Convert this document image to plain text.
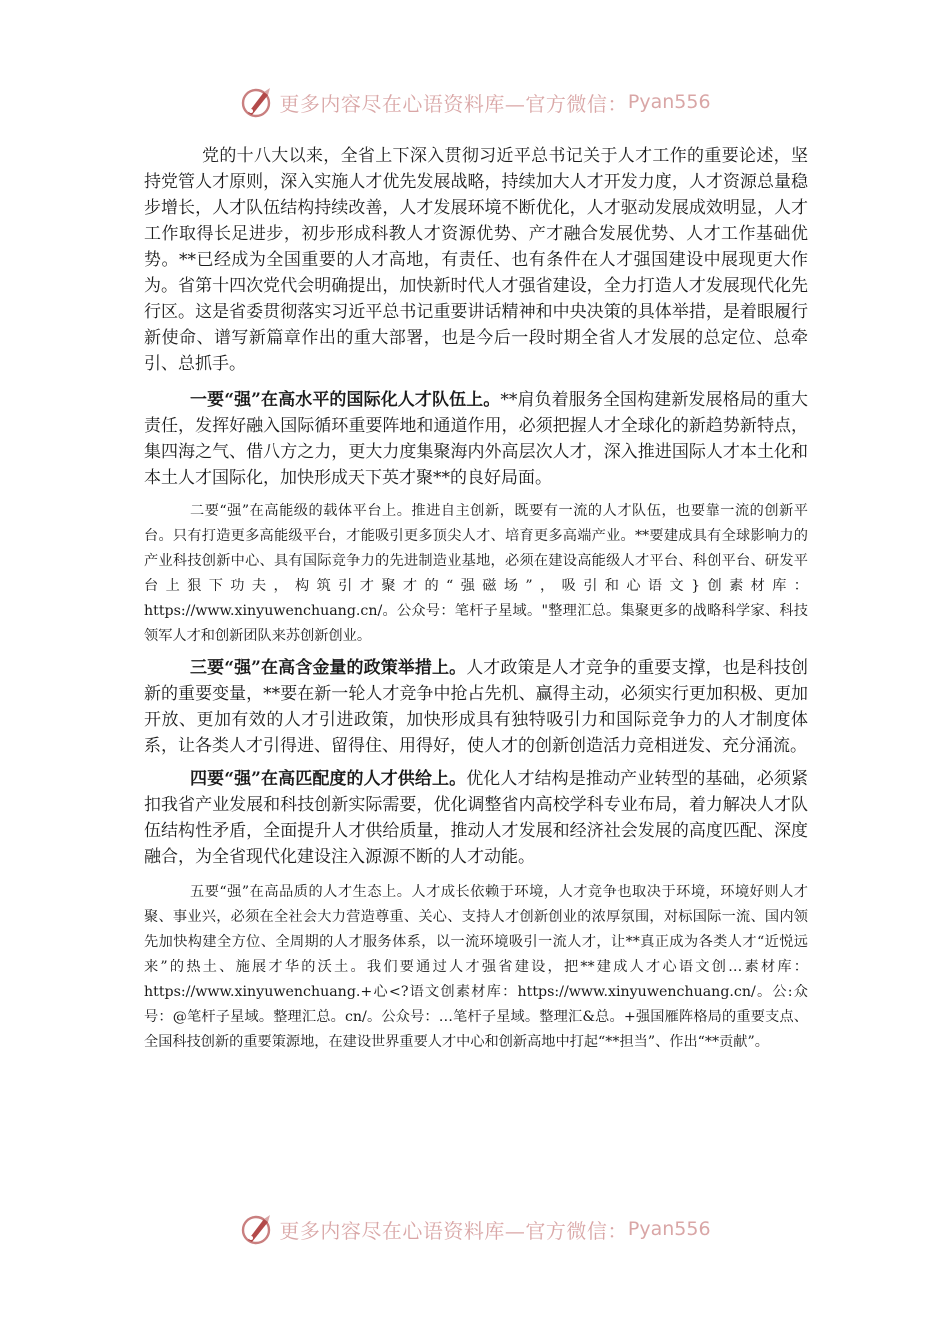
更多内容尽在心语资料库—官方微信： Pyan556

党的十八大以来，全省上下深入贯彻习近平总书记关于人才工作的重要论述，坚持党管人才原则，深入实施人才优先发展战略，持续加大人才开发力度，人才资源总量稳步增长，人才队伍结构持续改善，人才发展环境不断优化，人才驱动发展成效明显，人才工作取得长足进步，初步形成科教人才资源优势、产才融合发展优势、人才工作基础优势。**已经成为全国重要的人才高地，有责任、也有条件在人才强国建设中展现更大作为。省第十四次党代会明确提出，加快新时代人才强省建设，全力打造人才发展现代化先行区。这是省委贯彻落实习近平总书记重要讲话精神和中央决策的具体举措，是着眼履行新使命、谱写新篇章作出的重大部署，也是今后一段时期全省人才发展的总定位、总牵引、总抓手。

一要“强”在高水平的国际化人才队伍上。**肩负着服务全国构建新发展格局的重大责任，发挥好融入国际循环重要阵地和通道作用，必须把握人才全球化的新趋势新特点，集四海之气、借八方之力，更大力度集聚海内外高层次人才，深入推进国际人才本土化和本土人才国际化，加快形成天下英才聚**的良好局面。

二要“强”在高能级的载体平台上。推进自主创新，既要有一流的人才队伍，也要靠一流的创新平台。只有打造更多高能级平台，才能吸引更多顶尖人才、培育更多高端产业。**要建成具有全球影响力的产业科技创新中心、具有国际竞争力的先进制造业基地，必须在建设高能级人才平台、科创平台、研发平台上狠下功夫，构筑引才聚才的“强磁场”，吸引和心语文}创素材库：https://www.xinyuwenchuang.cn/。公众号：笔杆子星域。"整理汇总。集聚更多的战略科学家、科技领军人才和创新团队来苏创新创业。

三要“强”在高含金量的政策举措上。人才政策是人才竞争的重要支撑，也是科技创新的重要变量，**要在新一轮人才竞争中抢占先机、赢得主动，必须实行更加积极、更加开放、更加有效的人才引进政策，加快形成具有独特吸引力和国际竞争力的人才制度体系，让各类人才引得进、留得住、用得好，使人才的创新创造活力竞相迸发、充分涌流。

四要“强”在高匹配度的人才供给上。优化人才结构是推动产业转型的基础，必须紧扣我省产业发展和科技创新实际需要，优化调整省内高校学科专业布局，着力解决人才队伍结构性矛盾，全面提升人才供给质量，推动人才发展和经济社会发展的高度匹配、深度融合，为全省现代化建设注入源源不断的人才动能。

五要“强”在高品质的人才生态上。人才成长依赖于环境，人才竞争也取决于环境，环境好则人才聚、事业兴，必须在全社会大力营造尊重、关心、支持人才创新创业的浓厚氛围，对标国际一流、国内领先加快构建全方位、全周期的人才服务体系，以一流环境吸引一流人才，让**真正成为各类人才“近悦远来”的热土、施展才华的沃土。我们要通过人才强省建设，把**建成人才心语文创…素材库：https://www.xinyuwenchuang.+心<?语文创素材库：https://www.xinyuwenchuang.cn/。公:众号：@笔杆子星域。整理汇总。cn/。公众号：…笔杆子星域。整理汇&总。+强国雁阵格局的重要支点、全国科技创新的重要策源地，在建设世界重要人才中心和创新高地中打起“**担当”、作出“**贡献”。

更多内容尽在心语资料库—官方微信： Pyan556
